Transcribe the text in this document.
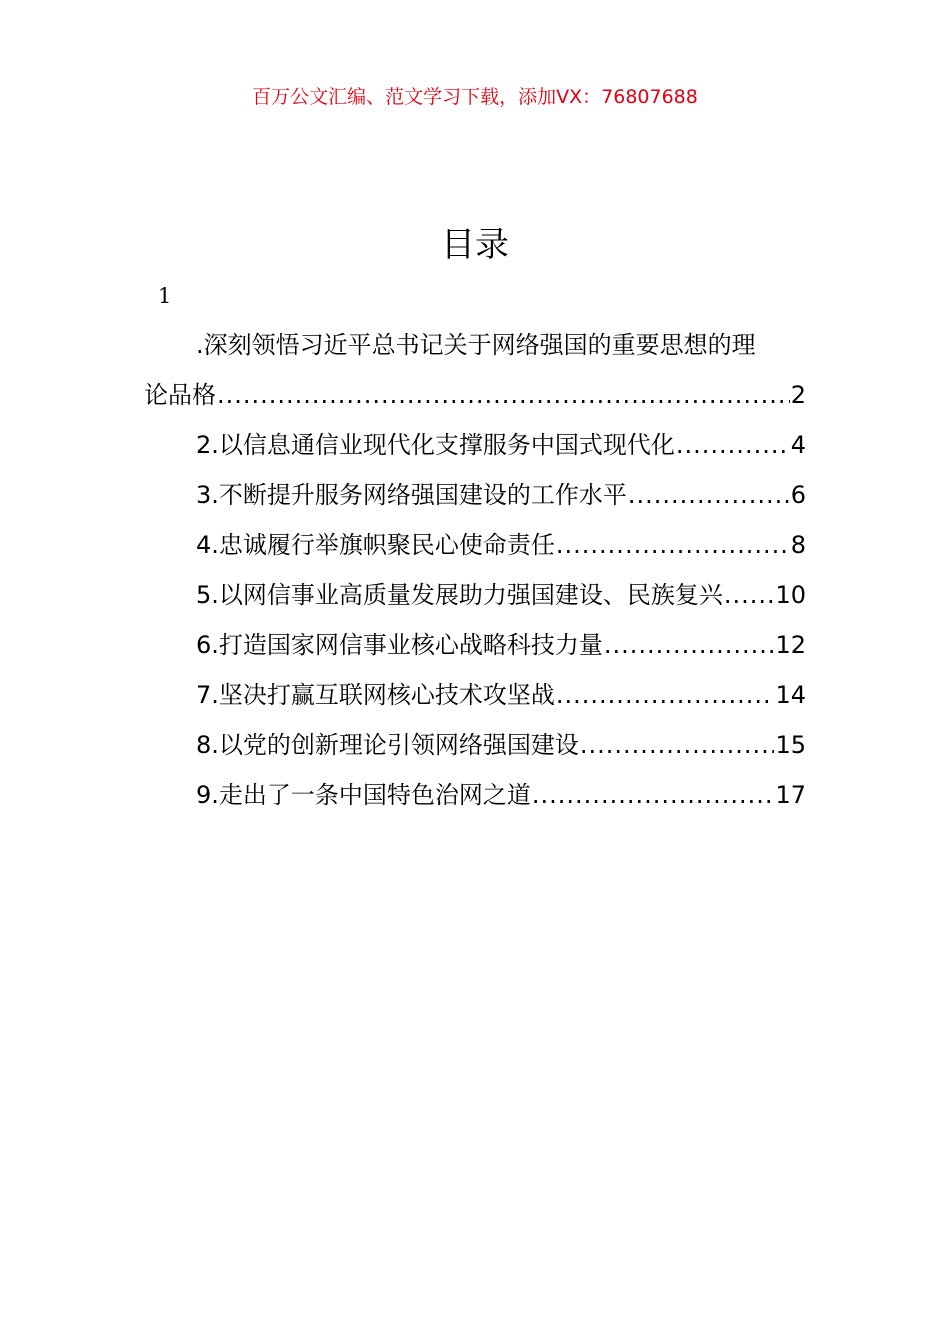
百万公文汇编、范文学习下载，添加VX：76807688
目录
1
.深刻领悟习近平总书记关于网络强国的重要思想的理
论品格 .....	2
2.以信息通信业现代化支撑服务中国式现代化 .....	4
3.不断提升服务网络强国建设的工作水平 .....	6
4.忠诚履行举旗帜聚民心使命责任 .....	8
5.以网信事业高质量发展助力强国建设、民族复兴 ..... 10
6.打造国家网信事业核心战略科技力量 .....	12
7.坚决打赢互联网核心技术攻坚战 .....	14
8.以党的创新理论引领网络强国建设 .....	15
9.走出了一条中国特色治网之道 .....	17
